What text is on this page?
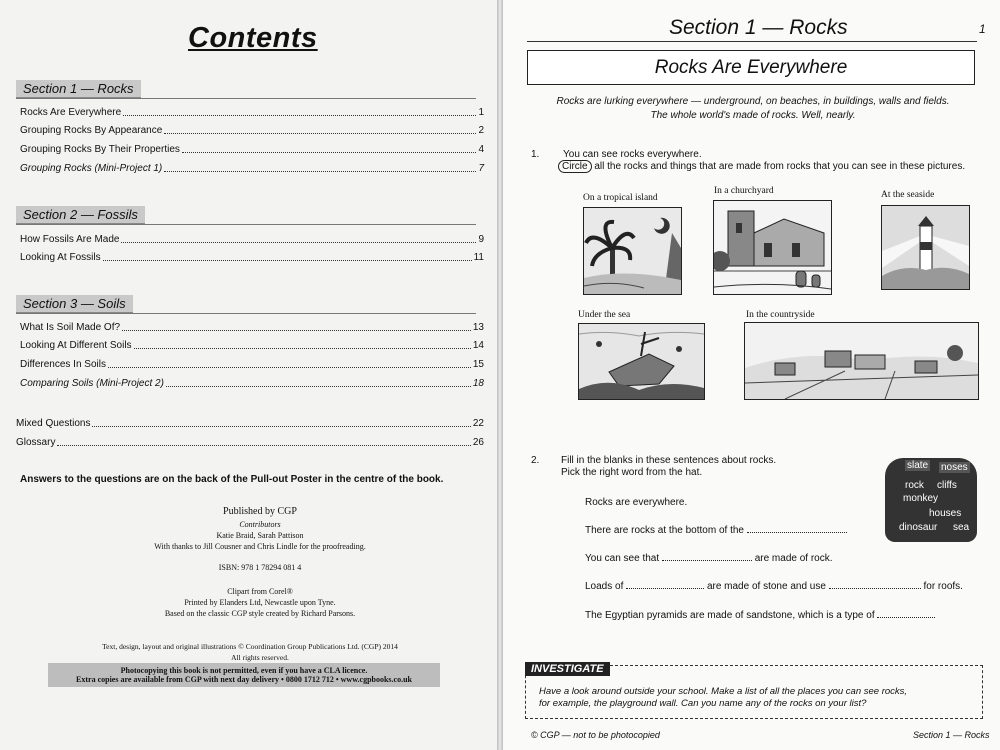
Contents
Section 1 — Rocks
Rocks Are Everywhere	1
Grouping Rocks By Appearance	2
Grouping Rocks By Their Properties	4
Grouping Rocks (Mini-Project 1)	7
Section 2 — Fossils
How Fossils Are Made	9
Looking At Fossils	11
Section 3 — Soils
What Is Soil Made Of?	13
Looking At Different Soils	14
Differences In Soils	15
Comparing Soils (Mini-Project 2)	18
Mixed Questions	22
Glossary	26
Answers to the questions are on the back of the Pull-out Poster in the centre of the book.
Published by CGP
Contributors
Katie Braid, Sarah Pattison
With thanks to Jill Cousner and Chris Lindle for the proofreading.
ISBN: 978 1 78294 081 4
Clipart from Corel®
Printed by Elanders Ltd, Newcastle upon Tyne.
Based on the classic CGP style created by Richard Parsons.
Text, design, layout and original illustrations © Coordination Group Publications Ltd. (CGP) 2014
All rights reserved.
Photocopying this book is not permitted, even if you have a CLA licence.
Extra copies are available from CGP with next day delivery • 0800 1712 712 • www.cgpbooks.co.uk
Section 1 — Rocks	1
Rocks Are Everywhere
Rocks are lurking everywhere — underground, on beaches, in buildings, walls and fields.
The whole world's made of rocks. Well, nearly.
1. You can see rocks everywhere.
Circle all the rocks and things that are made from rocks that you can see in these pictures.
On a tropical island
In a churchyard	At the seaside
Under the sea	In the countryside
2. Fill in the blanks in these sentences about rocks.
Pick the right word from the hat.
slate noses
rock cliffs
monkey
houses
dinosaur sea
Rocks are everywhere.
There are rocks at the bottom of the
You can see that	are made of rock.
Loads of	are made of stone and use	for roofs.
The Egyptian pyramids are made of sandstone, which is a type of
INVESTIGATE
Have a look around outside your school. Make a list of all the places you can see rocks,
for example, the playground wall. Can you name any of the rocks on your list?
© CGP — not to be photocopied	Section 1 — Rocks
